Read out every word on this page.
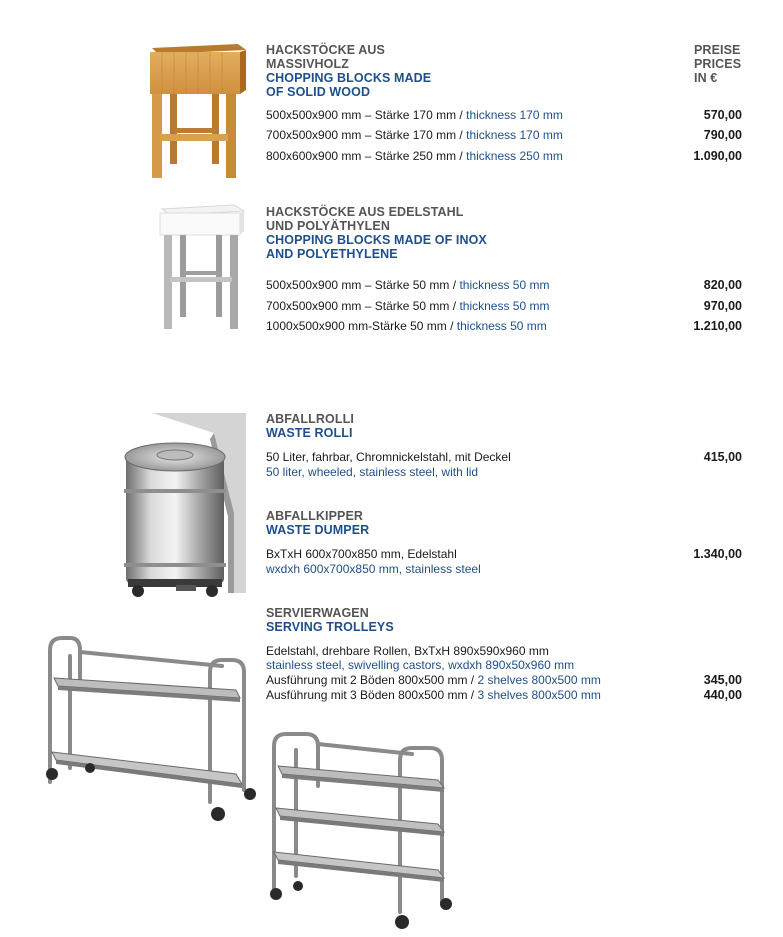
PREISE
PRICES
IN €
HACKSTÖCKE AUS
MASSIVHOLZ
CHOPPING BLOCKS MADE
OF SOLID WOOD
500x500x900 mm – Stärke 170 mm / thickness 170 mm	570,00
700x500x900 mm – Stärke 170 mm / thickness 170 mm	790,00
800x600x900 mm – Stärke 250 mm / thickness 250 mm	1.090,00
HACKSTÖCKE AUS EDELSTAHL
UND POLYÄTHYLEN
CHOPPING BLOCKS MADE OF INOX
AND POLYETHYLENE
500x500x900 mm – Stärke 50 mm / thickness 50 mm	820,00
700x500x900 mm – Stärke 50 mm / thickness 50 mm	970,00
1000x500x900 mm-Stärke 50 mm / thickness 50 mm	1.210,00
ABFALLROLLI
WASTE ROLLI
50 Liter, fahrbar, Chromnickelstahl, mit Deckel
50 liter, wheeled, stainless steel, with lid
415,00
ABFALLKIPPER
WASTE DUMPER
BxTxH 600x700x850 mm, Edelstahl
wxdxh 600x700x850 mm, stainless steel
1.340,00
SERVIERWAGEN
SERVING TROLLEYS
Edelstahl, drehbare Rollen, BxTxH 890x590x960 mm
stainless steel, swivelling castors, wxdxh 890x50x960 mm
Ausführung mit 2 Böden 800x500 mm / 2 shelves 800x500 mm	345,00
Ausführung mit 3 Böden 800x500 mm / 3 shelves 800x500 mm	440,00
